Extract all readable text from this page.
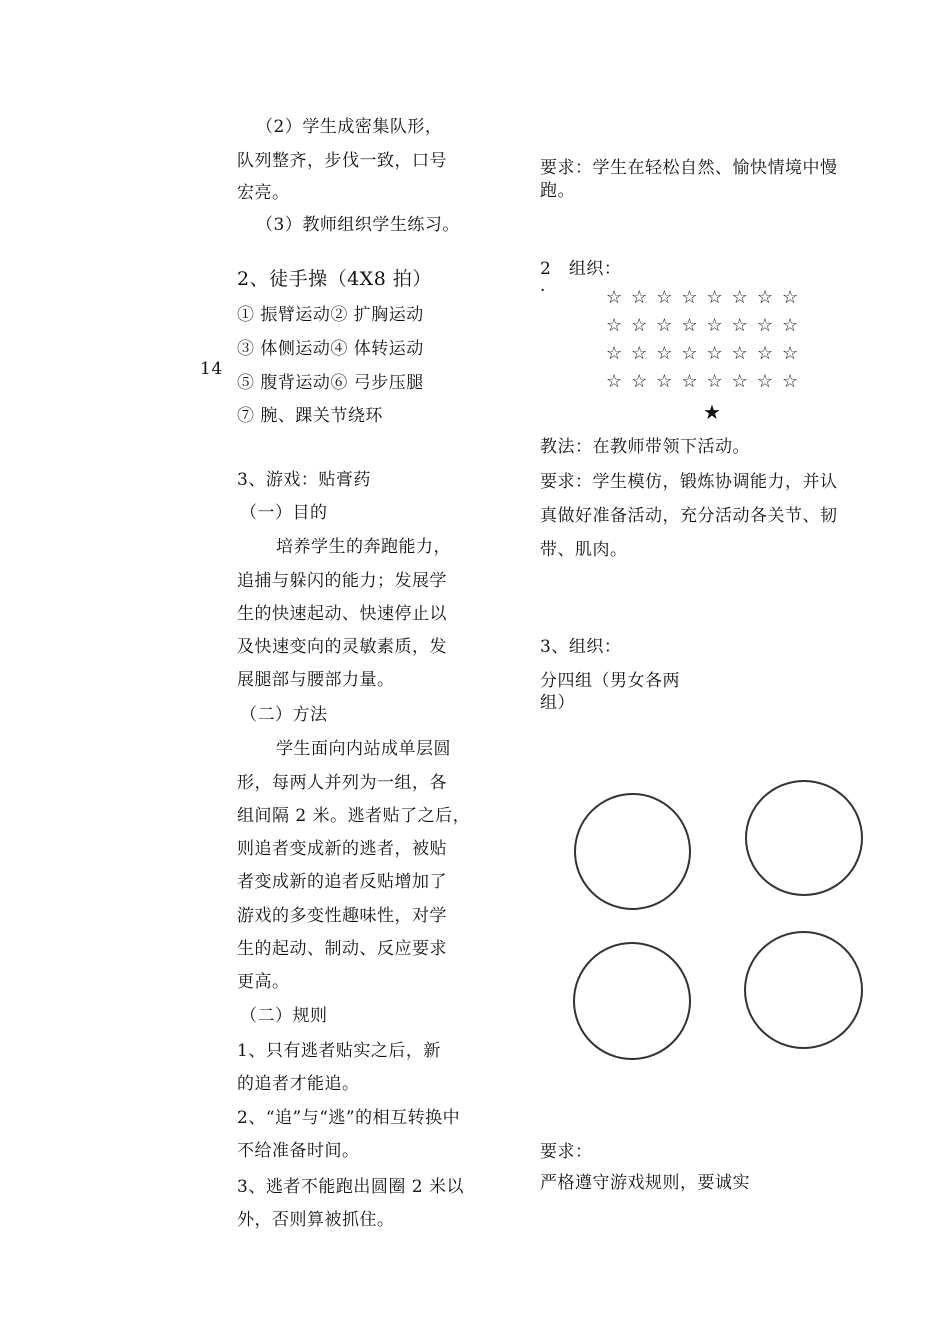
（2）学生成密集队形，
队列整齐，步伐一致，口号
宏亮。
（3）教师组织学生练习。
2、徒手操（4X8 拍）
① 振臂运动② 扩胸运动
③ 体侧运动④ 体转运动
⑤ 腹背运动⑥ 弓步压腿
⑦ 腕、踝关节绕环
3、游戏：贴膏药
（一）目的
培养学生的奔跑能力，
追捕与躲闪的能力；发展学
生的快速起动、快速停止以
及快速变向的灵敏素质，发
展腿部与腰部力量。
（二）方法
学生面向内站成单层圆
形，每两人并列为一组，各
组间隔 2 米。逃者贴了之后，
则追者变成新的逃者，被贴
者变成新的追者反贴增加了
游戏的多变性趣味性，对学
生的起动、制动、反应要求
更高。
（二）规则
1、只有逃者贴实之后，新
的追者才能追。
2、“追”与“逃”的相互转换中
不给准备时间。
3、逃者不能跑出圆圈 2 米以
外，否则算被抓住。
14
要求：学生在轻松自然、愉快情境中慢
跑。
2　组织：
·	☆☆☆☆☆☆☆☆
☆☆☆☆☆☆☆☆
☆☆☆☆☆☆☆☆
☆☆☆☆☆☆☆☆
★
教法：在教师带领下活动。
要求：学生模仿，锻炼协调能力，并认
真做好准备活动，充分活动各关节、韧
带、肌肉。
3、组织：
分四组（男女各两
组）
要求：
严格遵守游戏规则，要诚实
